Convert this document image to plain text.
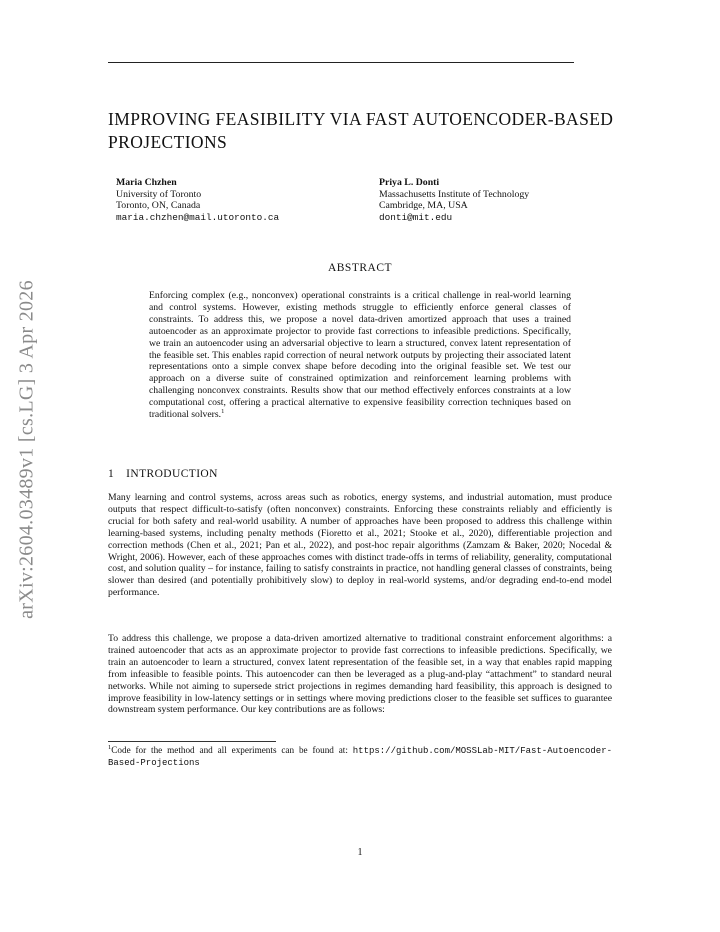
arXiv:2604.03489v1 [cs.LG] 3 Apr 2026
IMPROVING FEASIBILITY VIA FAST AUTOENCODER-BASED
PROJECTIONS
Maria Chzhen
University of Toronto
Toronto, ON, Canada
maria.chzhen@mail.utoronto.ca
Priya L. Donti
Massachusetts Institute of Technology
Cambridge, MA, USA
donti@mit.edu
ABSTRACT
Enforcing complex (e.g., nonconvex) operational constraints is a critical challenge in real-world learning and control systems. However, existing methods struggle to efficiently enforce general classes of constraints. To address this, we propose a novel data-driven amortized approach that uses a trained autoencoder as an approximate projector to provide fast corrections to infeasible predictions. Specifically, we train an autoencoder using an adversarial objective to learn a structured, convex latent representation of the feasible set. This enables rapid correction of neural network outputs by projecting their associated latent representations onto a simple convex shape before decoding into the original feasible set. We test our approach on a diverse suite of constrained optimization and reinforcement learning problems with challenging nonconvex constraints. Results show that our method effectively enforces constraints at a low computational cost, offering a practical alternative to expensive feasibility correction techniques based on traditional solvers.$^1$
1 INTRODUCTION
Many learning and control systems, across areas such as robotics, energy systems, and industrial automation, must produce outputs that respect difficult-to-satisfy (often nonconvex) constraints. Enforcing these constraints reliably and efficiently is crucial for both safety and real-world usability. A number of approaches have been proposed to address this challenge within learning-based systems, including penalty methods (Fioretto et al., 2021; Stooke et al., 2020), differentiable projection and correction methods (Chen et al., 2021; Pan et al., 2022), and post-hoc repair algorithms (Zamzam & Baker, 2020; Nocedal & Wright, 2006). However, each of these approaches comes with distinct trade-offs in terms of reliability, generality, computational cost, and solution quality – for instance, failing to satisfy constraints in practice, not handling general classes of constraints, being slower than desired (and potentially prohibitively slow) to deploy in real-world systems, and/or degrading end-to-end model performance.
To address this challenge, we propose a data-driven amortized alternative to traditional constraint enforcement algorithms: a trained autoencoder that acts as an approximate projector to provide fast corrections to infeasible predictions. Specifically, we train an autoencoder to learn a structured, convex latent representation of the feasible set, in a way that enables rapid mapping from infeasible to feasible points. This autoencoder can then be leveraged as a plug-and-play “attachment” to standard neural networks. While not aiming to supersede strict projections in regimes demanding hard feasibility, this approach is designed to improve feasibility in low-latency settings or in settings where moving predictions closer to the feasible set suffices to guarantee downstream system performance. Our key contributions are as follows:
$^1$Code for the method and all experiments can be found at: https://github.com/MOSSLab-MIT/Fast-Autoencoder-Based-Projections
1
